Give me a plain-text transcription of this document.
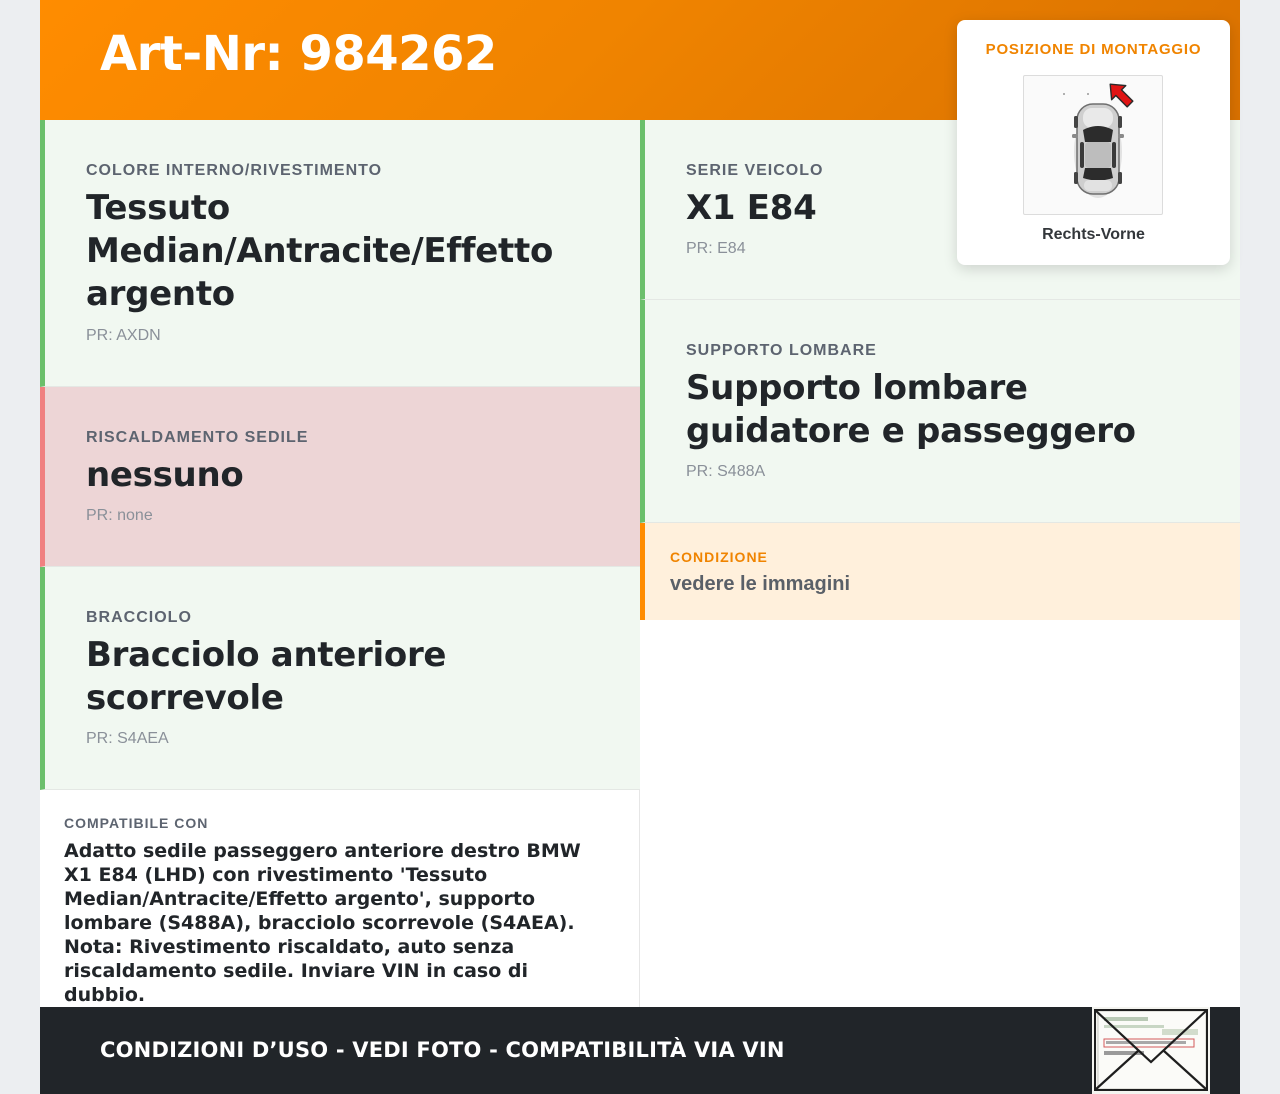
Art-Nr: 984262
COLORE INTERNO/RIVESTIMENTO
Tessuto Median/Antracite/Effetto argento
PR: AXDN
RISCALDAMENTO SEDILE
nessuno
PR: none
BRACCIOLO
Bracciolo anteriore scorrevole
PR: S4AEA
SERIE VEICOLO
X1 E84
PR: E84
SUPPORTO LOMBARE
Supporto lombare guidatore e passeggero
PR: S488A
CONDIZIONE
vedere le immagini
COMPATIBILE CON
Adatto sedile passeggero anteriore destro BMW X1 E84 (LHD) con rivestimento 'Tessuto Median/Antracite/Effetto argento', supporto lombare (S488A), bracciolo scorrevole (S4AEA). Nota: Rivestimento riscaldato, auto senza riscaldamento sedile. Inviare VIN in caso di dubbio.
CONDIZIONI D’USO - VEDI FOTO - COMPATIBILITÀ VIA VIN
POSIZIONE DI MONTAGGIO
Rechts-Vorne
